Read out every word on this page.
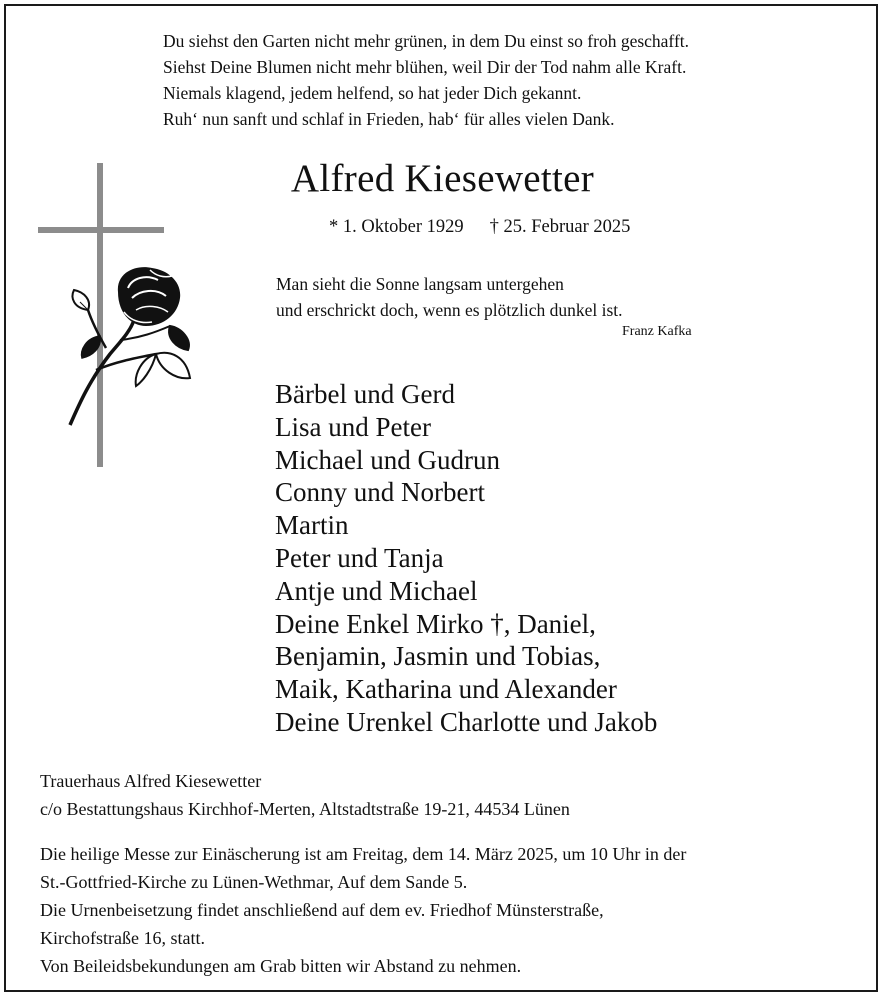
Du siehst den Garten nicht mehr grünen, in dem Du einst so froh geschafft.
Siehst Deine Blumen nicht mehr blühen, weil Dir der Tod nahm alle Kraft.
Niemals klagend, jedem helfend, so hat jeder Dich gekannt.
Ruh‘ nun sanft und schlaf in Frieden, hab‘ für alles vielen Dank.
Alfred Kiesewetter
* 1. Oktober 1929 † 25. Februar 2025
Man sieht die Sonne langsam untergehen
und erschrickt doch, wenn es plötzlich dunkel ist.
Franz Kafka
Bärbel und Gerd
Lisa und Peter
Michael und Gudrun
Conny und Norbert
Martin
Peter und Tanja
Antje und Michael
Deine Enkel Mirko †, Daniel,
Benjamin, Jasmin und Tobias,
Maik, Katharina und Alexander
Deine Urenkel Charlotte und Jakob
Trauerhaus Alfred Kiesewetter
c/o Bestattungshaus Kirchhof-Merten, Altstadtstraße 19-21, 44534 Lünen
Die heilige Messe zur Einäscherung ist am Freitag, dem 14. März 2025, um 10 Uhr in der
St.-Gottfried-Kirche zu Lünen-Wethmar, Auf dem Sande 5.
Die Urnenbeisetzung findet anschließend auf dem ev. Friedhof Münsterstraße,
Kirchofstraße 16, statt.
Von Beileidsbekundungen am Grab bitten wir Abstand zu nehmen.
